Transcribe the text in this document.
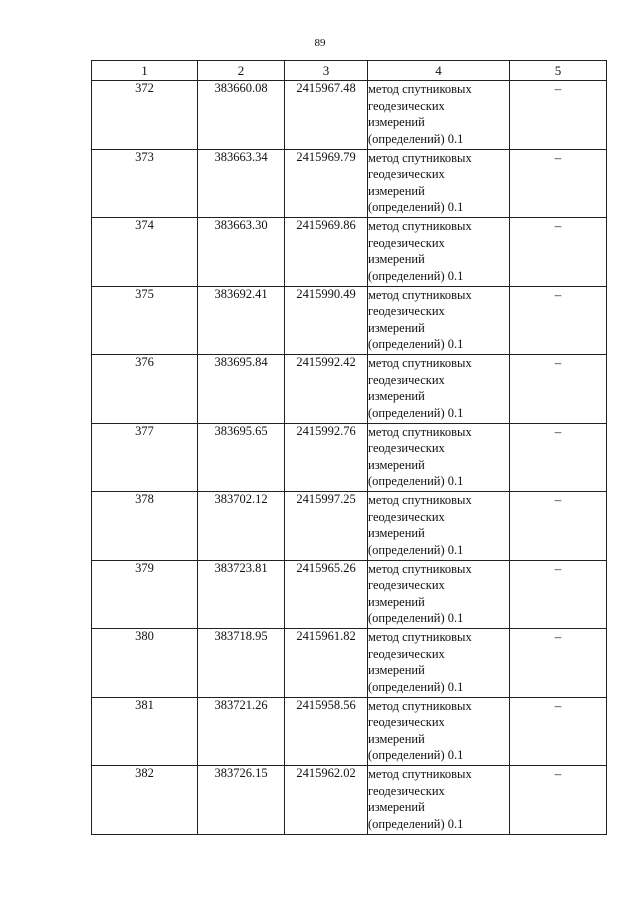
89
1	2	3	4	5
372	383660.08	2415967.48	метод спутниковых
геодезических
измерений
(определений) 0.1	–
373	383663.34	2415969.79	метод спутниковых
геодезических
измерений
(определений) 0.1	–
374	383663.30	2415969.86	метод спутниковых
геодезических
измерений
(определений) 0.1	–
375	383692.41	2415990.49	метод спутниковых
геодезических
измерений
(определений) 0.1	–
376	383695.84	2415992.42	метод спутниковых
геодезических
измерений
(определений) 0.1	–
377	383695.65	2415992.76	метод спутниковых
геодезических
измерений
(определений) 0.1	–
378	383702.12	2415997.25	метод спутниковых
геодезических
измерений
(определений) 0.1	–
379	383723.81	2415965.26	метод спутниковых
геодезических
измерений
(определений) 0.1	–
380	383718.95	2415961.82	метод спутниковых
геодезических
измерений
(определений) 0.1	–
381	383721.26	2415958.56	метод спутниковых
геодезических
измерений
(определений) 0.1	–
382	383726.15	2415962.02	метод спутниковых
геодезических
измерений
(определений) 0.1	–
